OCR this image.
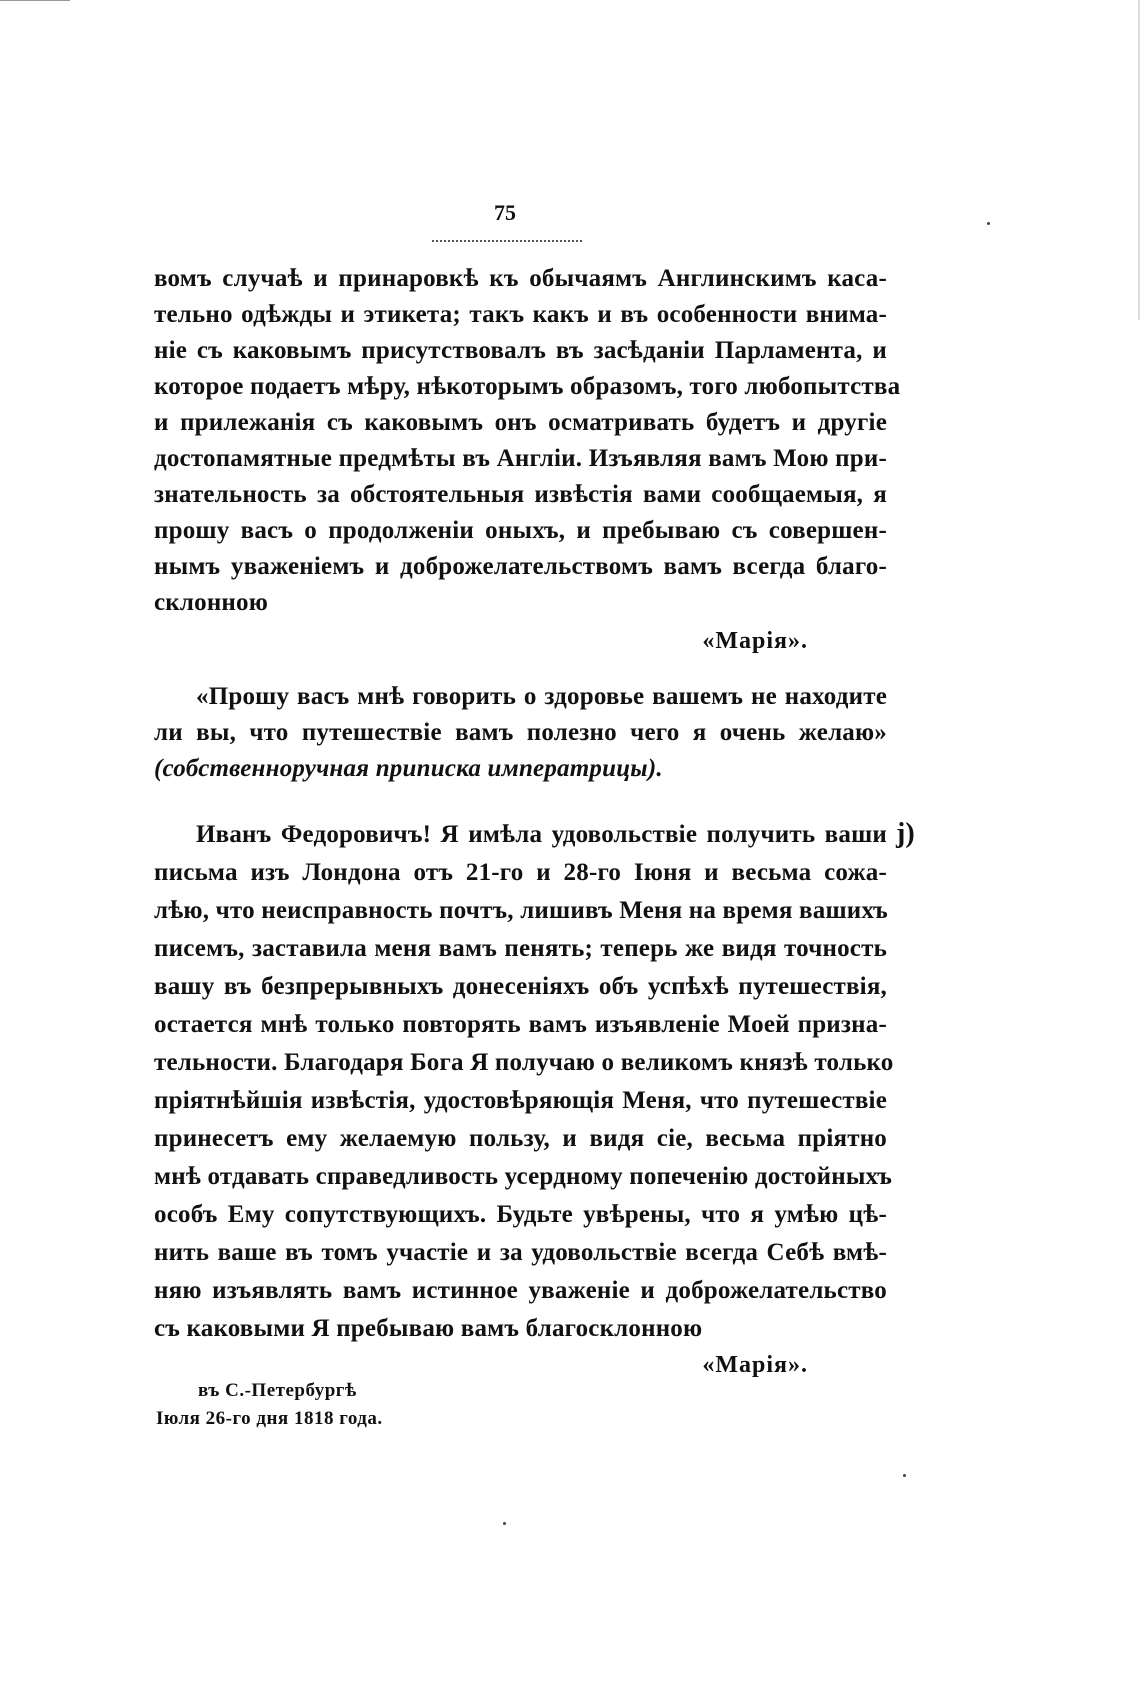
75
вомъ случаѣ и принаровкѣ къ обычаямъ Англинскимъ каса-
тельно одѣжды и этикета; такъ какъ и въ особенности внима-
нiе съ каковымъ присутствовалъ въ засѣданiи Парламента, и
которое подаетъ мѣру, нѣкоторымъ образомъ, того любопытства
и прилежанiя съ каковымъ онъ осматривать будетъ и другiе
достопамятные предмѣты въ Англiи. Изъявляя вамъ Мою при-
знательность за обстоятельныя извѣстiя вами сообщаемыя, я
прошу васъ о продолженiи оныхъ, и пребываю съ совершен-
нымъ уваженiемъ и доброжелательствомъ вамъ всегда благо-
склонною
«Марiя».
«Прошу васъ мнѣ говорить о здоровье вашемъ не находите
ли вы, что путешествiе вамъ полезно чего я очень желаю»
(собственноручная приписка императрицы).
j)
Иванъ Федоровичъ! Я имѣла удовольствiе получить ваши
письма изъ Лондона отъ 21-го и 28-го Iюня и весьма сожа-
лѣю, что неисправность почтъ, лишивъ Меня на время вашихъ
писемъ, заставила меня вамъ пенять; теперь же видя точность
вашу въ безпрерывныхъ донесенiяхъ объ успѣхѣ путешествiя,
остается мнѣ только повторять вамъ изъявленiе Моей призна-
тельности. Благодаря Бога Я получаю о великомъ князѣ только
прiятнѣйшiя извѣстiя, удостовѣряющiя Меня, что путешествiе
принесетъ ему желаемую пользу, и видя сiе, весьма прiятно
мнѣ отдавать справедливость усердному попеченiю достойныхъ
особъ Ему сопутствующихъ. Будьте увѣрены, что я умѣю цѣ-
нить ваше въ томъ участiе и за удовольствiе всегда Себѣ вмѣ-
няю изъявлять вамъ истинное уваженiе и доброжелательство
съ каковыми Я пребываю вамъ благосклонною
«Марiя».
въ С.-Петербургѣ
Iюля 26-го дня 1818 года.
